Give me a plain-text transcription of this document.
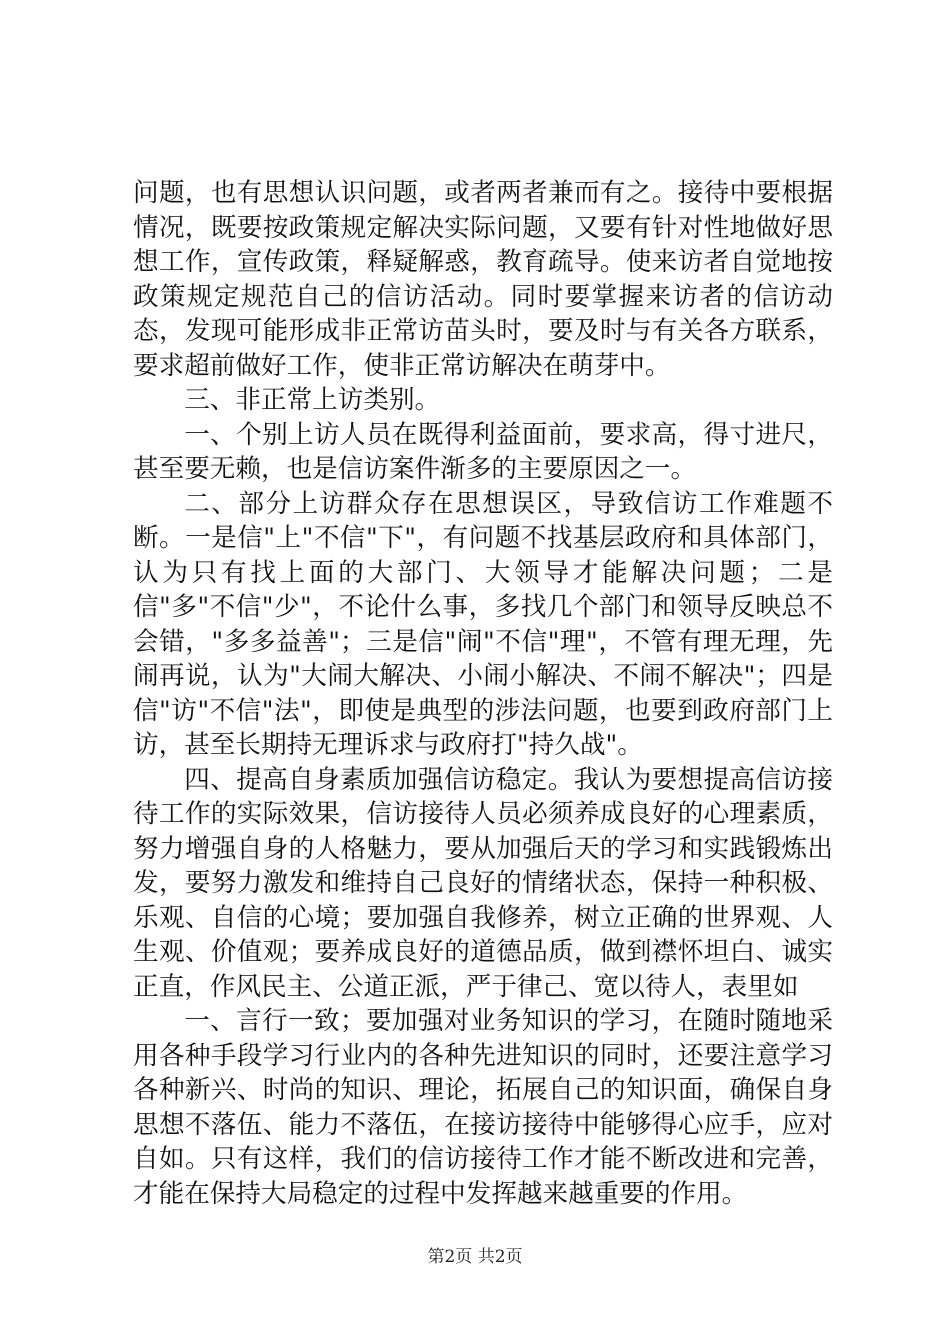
问题，也有思想认识问题，或者两者兼而有之。接待中要根据情况，既要按政策规定解决实际问题，又要有针对性地做好思想工作，宣传政策，释疑解惑，教育疏导。使来访者自觉地按政策规定规范自己的信访活动。同时要掌握来访者的信访动态，发现可能形成非正常访苗头时，要及时与有关各方联系，要求超前做好工作，使非正常访解决在萌芽中。

三、非正常上访类别。

一、个别上访人员在既得利益面前，要求高，得寸进尺，甚至要无赖，也是信访案件渐多的主要原因之一。

二、部分上访群众存在思想误区，导致信访工作难题不断。一是信"上"不信"下"，有问题不找基层政府和具体部门，认为只有找上面的大部门、大领导才能解决问题；二是信"多"不信"少"，不论什么事，多找几个部门和领导反映总不会错，"多多益善"；三是信"闹"不信"理"，不管有理无理，先闹再说，认为"大闹大解决、小闹小解决、不闹不解决"；四是信"访"不信"法"，即使是典型的涉法问题，也要到政府部门上访，甚至长期持无理诉求与政府打"持久战"。

四、提高自身素质加强信访稳定。我认为要想提高信访接待工作的实际效果，信访接待人员必须养成良好的心理素质，努力增强自身的人格魅力，要从加强后天的学习和实践锻炼出发，要努力激发和维持自己良好的情绪状态，保持一种积极、乐观、自信的心境；要加强自我修养，树立正确的世界观、人生观、价值观；要养成良好的道德品质，做到襟怀坦白、诚实正直，作风民主、公道正派，严于律己、宽以待人，表里如

一、言行一致；要加强对业务知识的学习，在随时随地采用各种手段学习行业内的各种先进知识的同时，还要注意学习各种新兴、时尚的知识、理论，拓展自己的知识面，确保自身思想不落伍、能力不落伍，在接访接待中能够得心应手，应对自如。只有这样，我们的信访接待工作才能不断改进和完善，才能在保持大局稳定的过程中发挥越来越重要的作用。

第2页 共2页
